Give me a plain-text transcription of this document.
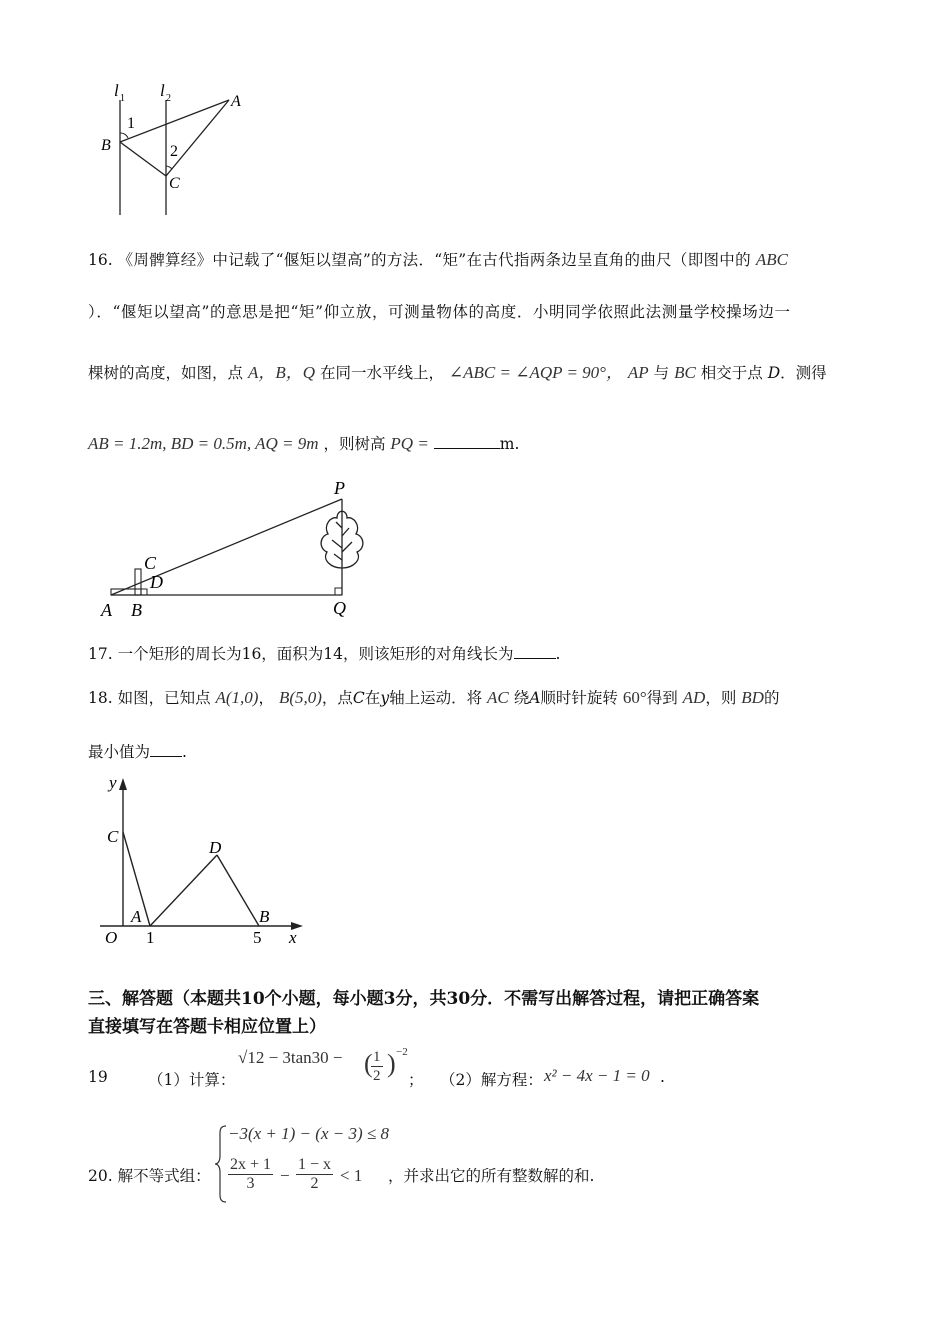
l 1 l 2	A
B
C
1
2
16. 《周髀算经》中记载了“偃矩以望高”的方法．“矩”在古代指两条边呈直角的曲尺（即图中的 ABC
）．“偃矩以望高”的意思是把“矩”仰立放，可测量物体的高度．小明同学依照此法测量学校操场边一
棵树的高度，如图，点 A，B，Q 在同一水平线上， ∠ABC = ∠AQP = 90°， AP 与 BC 相交于点 D．测得
AB = 1.2m, BD = 0.5m, AQ = 9m ，则树高 PQ =	m.
P
C
D
A B	Q
17. 一个矩形的周长为16，面积为14，则该矩形的对角线长为	.
18. 如图，已知点 A(1,0)， B(5,0)，点C在y轴上运动．将 AC 绕A顺时针旋转 60°得到 AD，则 BD的
最小值为 .
y
x
C
D
A	B
O 1	5
三、解答题（本题共10个小题，每小题3分，共30分．不需写出解答过程，请把正确答案
直接填写在答题卡相应位置上）
19	（1）计算：
$√12 - 3\tan 30 - \frac{1}{2}$
( ) −2
； （2）解方程： x² − 4x − 1 = 0 .
20. 解不等式组：
−3(x + 1) − (x − 3) ≤ 8
$\frac{2x + 1}{3} - \frac{1 - x}{2} < 1$ ，并求出它的所有整数解的和.
